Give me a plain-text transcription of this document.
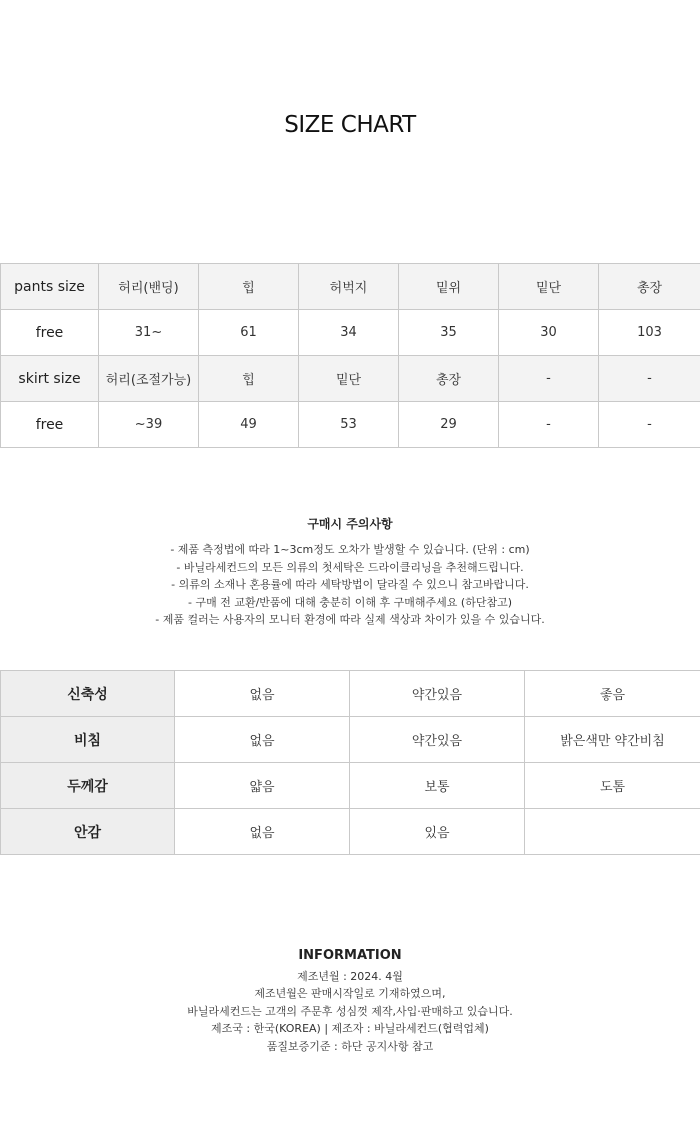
SIZE CHART
pants size	허리(밴딩)	힙	허벅지	밑위	밑단	총장
free	31~	61	34	35	30	103
skirt size	허리(조절가능)	힙	밑단	총장	-	-
free	~39	49	53	29	-	-
구매시 주의사항
- 제품 측정법에 따라 1~3cm정도 오차가 발생할 수 있습니다. (단위 : cm)
- 바닐라세컨드의 모든 의류의 첫세탁은 드라이클리닝을 추천해드립니다.
- 의류의 소재나 혼용률에 따라 세탁방법이 달라질 수 있으니 참고바랍니다.
- 구매 전 교환/반품에 대해 충분히 이해 후 구매해주세요 (하단참고)
- 제품 컬러는 사용자의 모니터 환경에 따라 실제 색상과 차이가 있을 수 있습니다.
신축성	없음	약간있음	좋음
비침	없음	약간있음	밝은색만 약간비침
두께감	얇음	보통	도톰
안감	없음	있음	
INFORMATION
제조년월 : 2024. 4월
제조년월은 판매시작일로 기재하였으며,
바닐라세컨드는 고객의 주문후 성심껏 제작,사입·판매하고 있습니다.
제조국 : 한국(KOREA) | 제조자 : 바닐라세컨드(협력업체)
품질보증기준 : 하단 공지사항 참고
